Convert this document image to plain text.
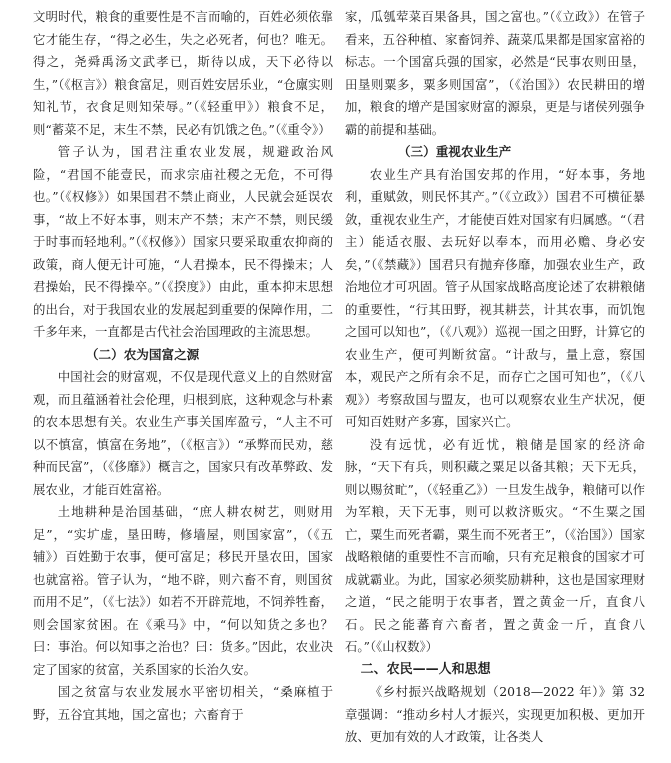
文明时代，粮食的重要性是不言而喻的，百姓必须依靠它才能生存，“得之必生，失之必死者，何也？唯无。得之，尧舜禹汤文武孝已，斯待以成，天下必待以生，”（《枢言》）粮食富足，则百姓安居乐业，“仓廪实则知礼节，衣食足则知荣辱。”（《轻重甲》）粮食不足，则“蓄菜不足，末生不禁，民必有饥饿之色。”（《重令》）

管子认为，国君注重农业发展，规避政治风险，“君国不能壹民，而求宗庙社稷之无危，不可得也。”（《权修》）如果国君不禁止商业，人民就会延误农事，“故上不好本事，则末产不禁；末产不禁，则民缓于时事而轻地利。”（《权修》）国家只要采取重农抑商的政策，商人便无计可施，“人君操本，民不得操末；人君操始，民不得操卒。”（《揆度》）由此，重本抑末思想的出台，对于我国农业的发展起到重要的保障作用，二千多年来，一直都是古代社会治国理政的主流思想。

（二）农为国富之源

中国社会的财富观，不仅是现代意义上的自然财富观，而且蕴涵着社会伦理，归根到底，这种观念与朴素的农本思想有关。农业生产事关国库盈亏，“人主不可以不慎富，慎富在务地”，（《枢言》）“承弊而民劝，慈种而民富”，（《侈靡》）概言之，国家只有改革弊政、发展农业，才能百姓富裕。

土地耕种是治国基础，“庶人耕农树艺，则财用足”，“实圹虚，垦田畴，修墙屋，则国家富”，（《五辅》）百姓勤于农事，便可富足；移民开垦农田，国家也就富裕。管子认为，“地不辟，则六畜不育，则国贫而用不足”，（《七法》）如若不开辟荒地，不饲养牲畜，则会国家贫困。在《乘马》中，“何以知货之多也？曰：事治。何以知事之治也？曰：货多。”因此，农业决定了国家的贫富，关系国家的长治久安。

国之贫富与农业发展水平密切相关，“桑麻植于野，五谷宜其地，国之富也；六畜育于

家，瓜瓠荤菜百果备具，国之富也。”（《立政》）在管子看来，五谷种植、家畜饲养、蔬菜瓜果都是国家富裕的标志。一个国富兵强的国家，必然是“民事农则田垦，田垦则粟多，粟多则国富”，（《治国》）农民耕田的增加，粮食的增产是国家财富的源泉，更是与诸侯列强争霸的前提和基础。

（三）重视农业生产

农业生产具有治国安邦的作用，“好本事，务地利，重赋敛，则民怀其产。”（《立政》）国君不可横征暴敛，重视农业生产，才能使百姓对国家有归属感。“（君主）能适衣服、去玩好以奉本，而用必赡、身必安矣，”（《禁藏》）国君只有抛弃侈靡，加强农业生产，政治地位才可巩固。管子从国家战略高度论述了农耕粮储的重要性，“行其田野，视其耕芸，计其农事，而饥饱之国可以知也”，（《八观》）巡视一国之田野，计算它的农业生产，便可判断贫富。“计敌与，量上意，察国本，观民产之所有余不足，而存亡之国可知也”，（《八观》）考察敌国与盟友，也可以观察农业生产状况，便可知百姓财产多寡，国家兴亡。

没有远忧，必有近忧，粮储是国家的经济命脉，“天下有兵，则积藏之粟足以备其粮；天下无兵，则以赐贫甿”，（《轻重乙》）一旦发生战争，粮储可以作为军粮，天下无事，则可以救济贩灾。“不生粟之国亡，粟生而死者霸，粟生而不死者王”，（《治国》）国家战略粮储的重要性不言而喻，只有充足粮食的国家才可成就霸业。为此，国家必须奖励耕种，这也是国家理财之道，“民之能明于农事者，置之黄金一斤，直食八石。民之能蕃育六畜者，置之黄金一斤，直食八石。”（《山权数》）

二、农民——人和思想

《乡村振兴战略规划（2018—2022 年）》第 32 章强调：“推动乡村人才振兴，实现更加积极、更加开放、更加有效的人才政策，让各类人
